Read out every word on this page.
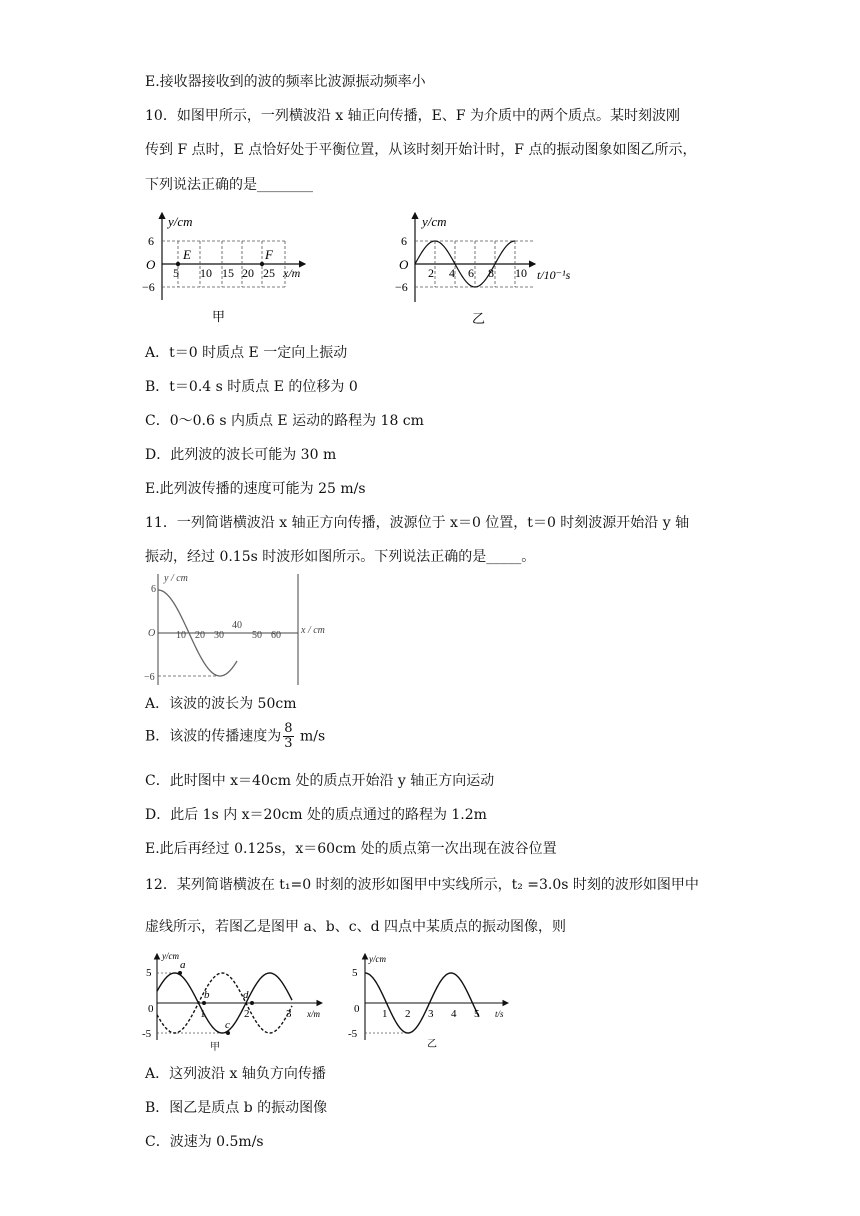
E.接收器接收到的波的频率比波源振动频率小
10．如图甲所示，一列横波沿 x 轴正向传播，E、F 为介质中的两个质点。某时刻波刚
传到 F 点时，E 点恰好处于平衡位置，从该时刻开始计时，F 点的振动图象如图乙所示，
下列说法正确的是________
y/cm
6
O
−6
E	F
5 10 15 20 25 x/m
甲
y/cm
6
O
−6
2 4 6 8 10 t/10⁻¹s
乙
A．t＝0 时质点 E 一定向上振动
B．t＝0.4 s 时质点 E 的位移为 0
C．0～0.6 s 内质点 E 运动的路程为 18 cm
D．此列波的波长可能为 30 m
E.此列波传播的速度可能为 25 m/s
11．一列简谐横波沿 x 轴正方向传播，波源位于 x＝0 位置，t＝0 时刻波源开始沿 y 轴
振动，经过 0.15s 时波形如图所示。下列说法正确的是_____。
y / cm
6
O
−6
10 20 30
40
50 60 x / cm
A．该波的波长为 50cm
B．该波的传播速度为 $\frac{8}{3} m/s$
C．此时图中 x＝40cm 处的质点开始沿 y 轴正方向运动
D．此后 1s 内 x＝20cm 处的质点通过的路程为 1.2m
E.此后再经过 0.125s，x＝60cm 处的质点第一次出现在波谷位置
12．某列简谐横波在 t₁=0 时刻的波形如图甲中实线所示，t₂ =3.0s 时刻的波形如图甲中
虚线所示，若图乙是图甲 a、b、c、d 四点中某质点的振动图像，则
y/cm
5
0
-5
a
b
c
d
1	2	3 x/m
甲
y/cm
5
0
-5
1 2 3 4 5 t/s
乙
A．这列波沿 x 轴负方向传播
B．图乙是质点 b 的振动图像
C．波速为 0.5m/s
